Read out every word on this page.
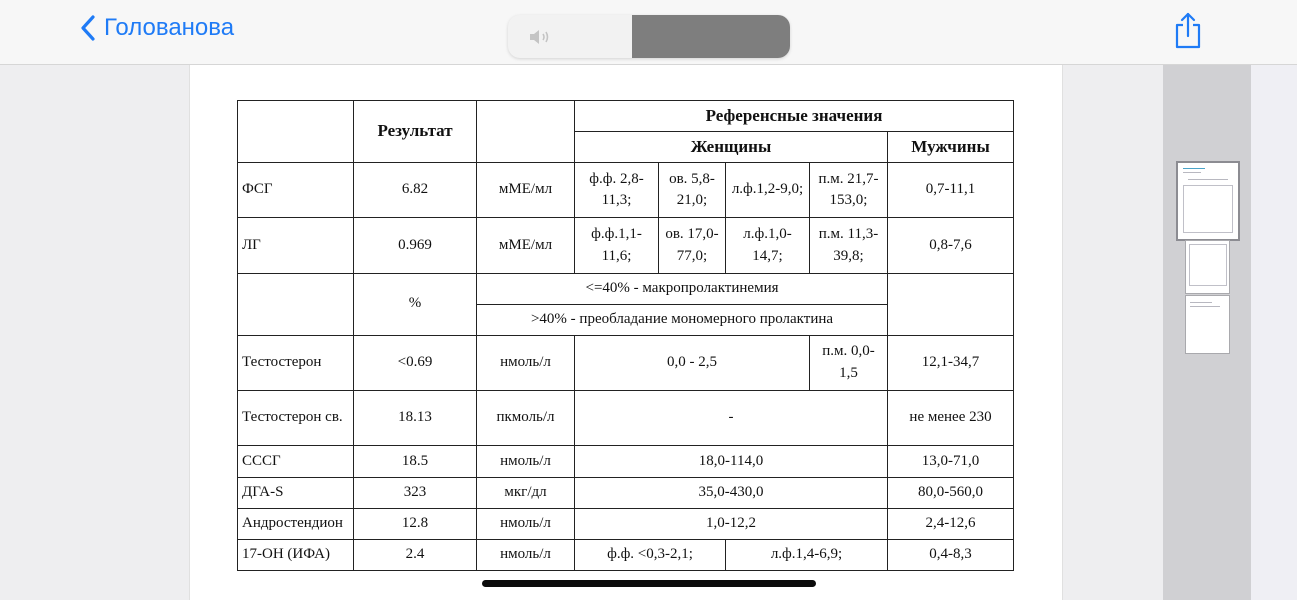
Голованова
	Результат		Референсные значения				
			Женщины				Мужчины
ФСГ	6.82	мМЕ/мл	ф.ф. 2,8-11,3;	ов. 5,8-21,0;	л.ф.1,2-9,0;	п.м. 21,7-153,0;	0,7-11,1
ЛГ	0.969	мМЕ/мл	ф.ф.1,1-11,6;	ов. 17,0-77,0;	л.ф.1,0-14,7;	п.м. 11,3-39,8;	0,8-7,6
	%	<=40% - макропролактинемия					
		>40% - преобладание мономерного пролактина					
Тестостерон	<0.69	нмоль/л	0,0 - 2,5			п.м. 0,0-1,5	12,1-34,7
Тестостерон св.	18.13	пкмоль/л	-				не менее 230
СССГ	18.5	нмоль/л	18,0-114,0				13,0-71,0
ДГА-S	323	мкг/дл	35,0-430,0				80,0-560,0
Андростендион	12.8	нмоль/л	1,0-12,2				2,4-12,6
17-ОН (ИФА)	2.4	нмоль/л	ф.ф. <0,3-2,1;		л.ф.1,4-6,9;		0,4-8,3
